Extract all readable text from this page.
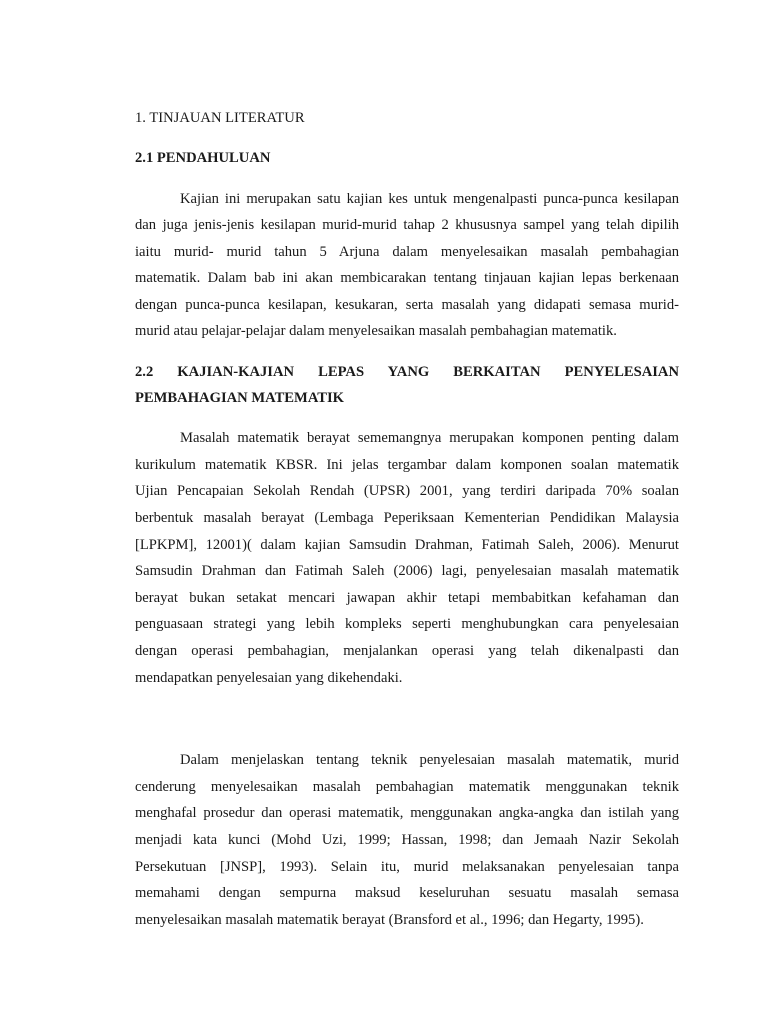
1. TINJAUAN LITERATUR
2.1 PENDAHULUAN
Kajian ini merupakan satu kajian kes untuk mengenalpasti punca-punca kesilapan
dan juga jenis-jenis kesilapan murid-murid tahap 2 khususnya sampel yang telah dipilih
iaitu murid- murid tahun 5 Arjuna dalam menyelesaikan masalah pembahagian
matematik. Dalam bab ini akan membicarakan tentang tinjauan kajian lepas berkenaan
dengan punca-punca kesilapan, kesukaran, serta masalah yang didapati semasa murid-
murid atau pelajar-pelajar dalam menyelesaikan masalah pembahagian matematik.
2.2 KAJIAN-KAJIAN LEPAS YANG BERKAITAN PENYELESAIAN
PEMBAHAGIAN MATEMATIK
Masalah matematik berayat sememangnya merupakan komponen penting dalam
kurikulum matematik KBSR. Ini jelas tergambar dalam komponen soalan matematik
Ujian Pencapaian Sekolah Rendah (UPSR) 2001, yang terdiri daripada 70% soalan
berbentuk masalah berayat (Lembaga Peperiksaan Kementerian Pendidikan Malaysia
[LPKPM], 12001)( dalam kajian Samsudin Drahman, Fatimah Saleh, 2006). Menurut
Samsudin Drahman dan Fatimah Saleh (2006) lagi, penyelesaian masalah matematik
berayat bukan setakat mencari jawapan akhir tetapi membabitkan kefahaman dan
penguasaan strategi yang lebih kompleks seperti menghubungkan cara penyelesaian
dengan operasi pembahagian, menjalankan operasi yang telah dikenalpasti dan
mendapatkan penyelesaian yang dikehendaki.
Dalam menjelaskan tentang teknik penyelesaian masalah matematik, murid
cenderung menyelesaikan masalah pembahagian matematik menggunakan teknik
menghafal prosedur dan operasi matematik, menggunakan angka-angka dan istilah yang
menjadi kata kunci (Mohd Uzi, 1999; Hassan, 1998; dan Jemaah Nazir Sekolah
Persekutuan [JNSP], 1993). Selain itu, murid melaksanakan penyelesaian tanpa
memahami dengan sempurna maksud keseluruhan sesuatu masalah semasa
menyelesaikan masalah matematik berayat (Bransford et al., 1996; dan Hegarty, 1995).
